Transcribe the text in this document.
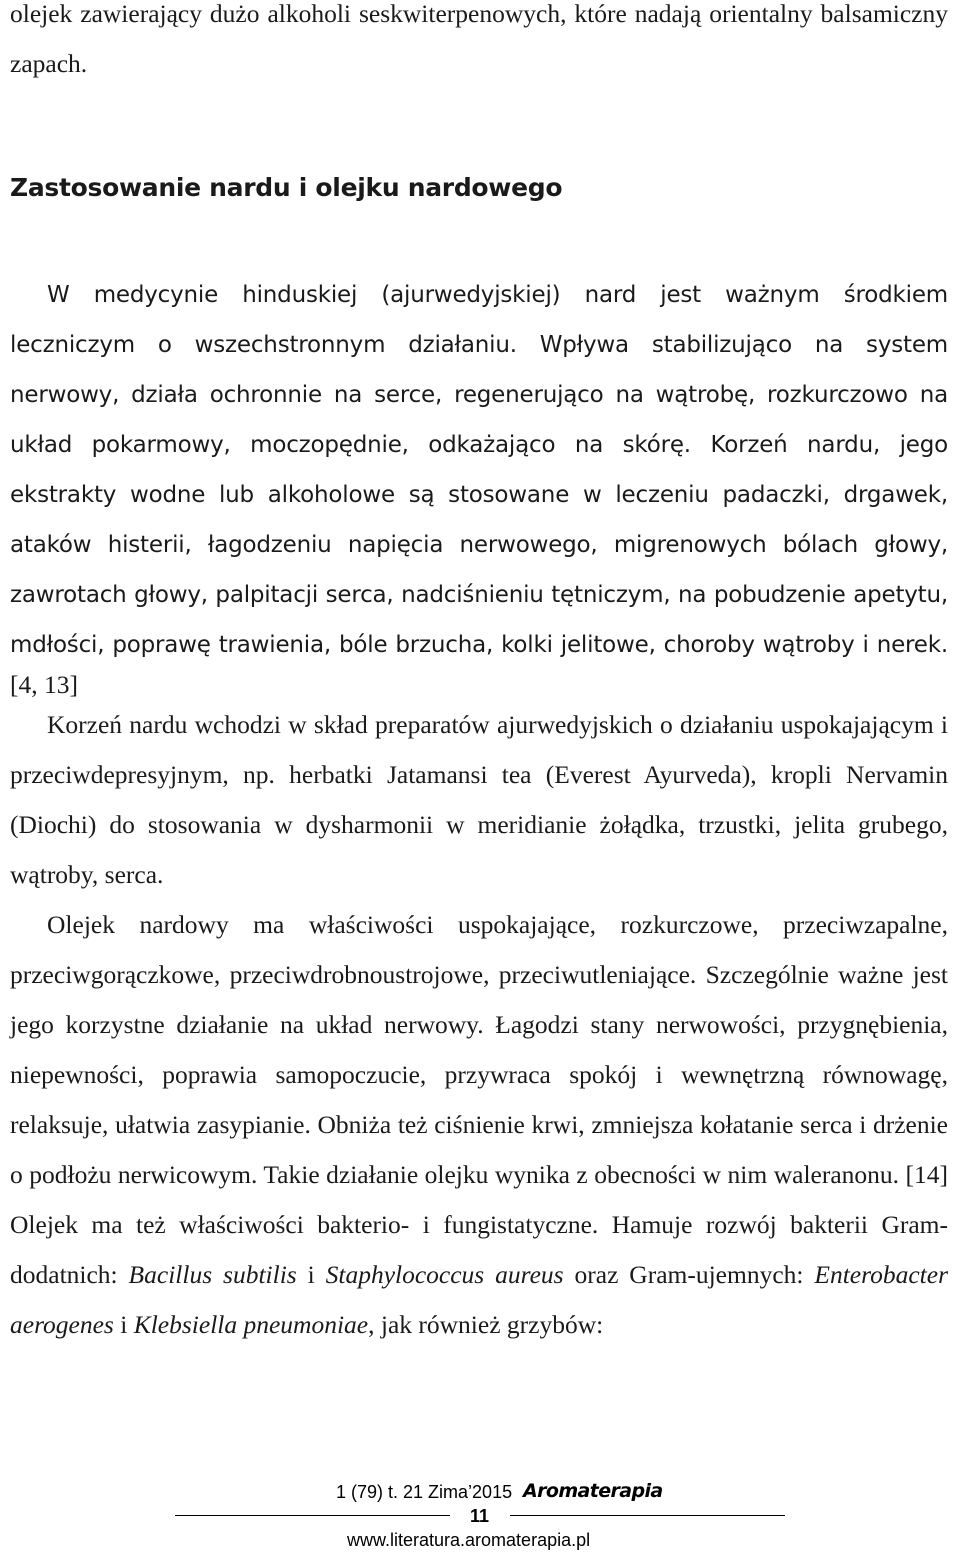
olejek zawierający dużo alkoholi seskwiterpenowych, które nadają orientalny balsamiczny zapach.

Zastosowanie nardu i olejku nardowego

W medycynie hinduskiej (ajurwedyjskiej) nard jest ważnym środkiem leczniczym o wszechstronnym działaniu. Wpływa stabilizująco na system nerwowy, działa ochronnie na serce, regenerująco na wątrobę, rozkurczowo na układ pokarmowy, moczopędnie, odkażająco na skórę. Korzeń nardu, jego ekstrakty wodne lub alkoholowe są stosowane w leczeniu padaczki, drgawek, ataków histerii, łagodzeniu napięcia nerwowego, migrenowych bólach głowy, zawrotach głowy, palpitacji serca, nadciśnieniu tętniczym, na pobudzenie apetytu, mdłości, poprawę trawienia, bóle brzucha, kolki jelitowe, choroby wątroby i nerek. [4, 13]

Korzeń nardu wchodzi w skład preparatów ajurwedyjskich o działaniu uspokajającym i przeciwdepresyjnym, np. herbatki Jatamansi tea (Everest Ayurveda), kropli Nervamin (Diochi) do stosowania w dysharmonii w meridianie żołądka, trzustki, jelita grubego, wątroby, serca.

Olejek nardowy ma właściwości uspokajające, rozkurczowe, przeciwzapalne, przeciwgorączkowe, przeciwdrobnoustrojowe, przeciwutleniające. Szczególnie ważne jest jego korzystne działanie na układ nerwowy. Łagodzi stany nerwowości, przygnębienia, niepewności, poprawia samopoczucie, przywraca spokój i wewnętrzną równowagę, relaksuje, ułatwia zasypianie. Obniża też ciśnienie krwi, zmniejsza kołatanie serca i drżenie o podłożu nerwicowym. Takie działanie olejku wynika z obecności w nim waleranonu. [14] Olejek ma też właściwości bakterio- i fungistatyczne. Hamuje rozwój bakterii Gram-dodatnich: Bacillus subtilis i Staphylococcus aureus oraz Gram-ujemnych: Enterobacter aerogenes i Klebsiella pneumoniae, jak również grzybów:

1 (79) t. 21 Zima’2015 Aromaterapia
11
www.literatura.aromaterapia.pl
